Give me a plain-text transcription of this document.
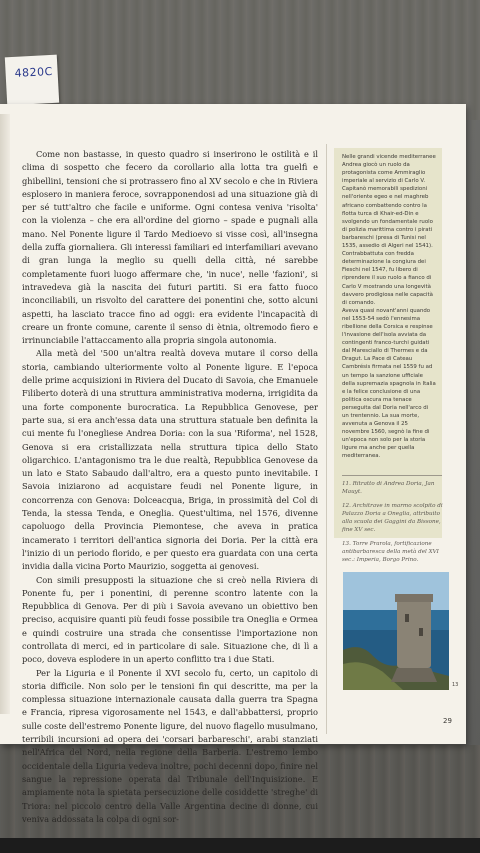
4820C

Come non bastasse, in questo quadro si inserirono le ostilità e il clima di sospetto che fecero da corollario alla lotta tra guelfi e ghibellini, tensioni che si protrassero fino al XV secolo e che in Riviera esplosero in maniera feroce, sovrapponendosi ad una situazione già di per sé tutt'altro che facile e uniforme. Ogni contesa veniva 'risolta' con la violenza – che era all'ordine del giorno – spade e pugnali alla mano. Nel Ponente ligure il Tardo Medioevo si visse così, all'insegna della zuffa giornaliera. Gli interessi familiari ed interfamiliari avevano di gran lunga la meglio su quelli della città, né sarebbe completamente fuori luogo affermare che, 'in nuce', nelle 'fazioni', si intravedeva già la nascita dei futuri partiti. Si era fatto fuoco inconciliabili, un risvolto del carattere dei ponentini che, sotto alcuni aspetti, ha lasciato tracce fino ad oggi: era evidente l'incapacità di creare un fronte comune, carente il senso di ètnia, oltremodo fiero e irrinunciabile l'attaccamento alla propria singola autonomia.

Alla metà del '500 un'altra realtà doveva mutare il corso della storia, cambiando ulteriormente volto al Ponente ligure. E l'epoca delle prime acquisizioni in Riviera del Ducato di Savoia, che Emanuele Filiberto doterà di una struttura amministrativa moderna, irrigidita da una forte componente burocratica. La Repubblica Genovese, per parte sua, si era anch'essa data una struttura statuale ben definita la cui mente fu l'onegliese Andrea Doria: con la sua 'Riforma', nel 1528, Genova si era cristallizzata nella struttura tipica dello Stato oligarchico. L'antagonismo tra le due realtà, Repubblica Genovese da un lato e Stato Sabaudo dall'altro, era a questo punto inevitabile. I Savoia iniziarono ad acquistare feudi nel Ponente ligure, in concorrenza con Genova: Dolceacqua, Briga, in prossimità del Col di Tenda, la stessa Tenda, e Oneglia. Quest'ultima, nel 1576, divenne capoluogo della Provincia Piemontese, che aveva in pratica incamerato i territori dell'antica signoria dei Doria. Per la città era l'inizio di un periodo florido, e per questo era guardata con una certa invidia dalla vicina Porto Maurizio, soggetta ai genovesi.

Con simili presupposti la situazione che si creò nella Riviera di Ponente fu, per i ponentini, di perenne scontro latente con la Repubblica di Genova. Per di più i Savoia avevano un obiettivo ben preciso, acquisire quanti più feudi fosse possibile tra Oneglia e Ormea e quindi costruire una strada che consentisse l'importazione non controllata di merci, ed in particolare di sale. Situazione che, di lì a poco, doveva esplodere in un aperto conflitto tra i due Stati.

Per la Liguria e il Ponente il XVI secolo fu, certo, un capitolo di storia difficile. Non solo per le tensioni fin qui descritte, ma per la complessa situazione internazionale causata dalla guerra tra Spagna e Francia, ripresa vigorosamente nel 1543, e dall'abbattersi, proprio sulle coste dell'estremo Ponente ligure, del nuovo flagello musulmano, terribili incursioni ad opera dei 'corsari barbareschi', arabi stanziati nell'Africa del Nord, nella regione della Barberia. L'estremo lembo occidentale della Liguria vedeva inoltre, pochi decenni dopo, finire nel sangue la repressione operata dal Tribunale dell'Inquisizione. E ampiamente nota la spietata persecuzione delle cosiddette 'streghe' di Triora: nel piccolo centro della Valle Argentina decine di donne, cui veniva addossata la colpa di ogni sor-

Nelle grandi vicende mediterranee Andrea giocò un ruolo da protagonista come Ammiraglio imperiale al servizio di Carlo V. Capitanò memorabili spedizioni nell'oriente egeo e nel maghreb africano combattendo contro la flotta turca di Khair-ed-Din e svolgendo un fondamentale ruolo di polizia marittima contro i pirati barbareschi (presa di Tunisi nel 1535, assedio di Algeri nel 1541).

Contrabbattuta con fredda determinazione la congiura dei Fieschi nel 1547, fu libero di riprendere il suo ruolo a fianco di Carlo V mostrando una longevità davvero prodigiosa nelle capacità di comando.

Aveva quasi novant'anni quando nel 1553-54 sedò l'ennesima ribellione della Corsica e respinse l'invasione dell'isola avviata da contingenti franco-turchi guidati dal Maresciallo di Thermes e da Dragut. La Pace di Cateau Cambrésis firmata nel 1559 fu ad un tempo la sanzione ufficiale della supremazia spagnola in Italia e la felice conclusione di una politica oscura ma tenace perseguita dal Doria nell'arco di un trentennio. La sua morte, avvenuta a Genova il 25 novembre 1560, segnò la fine di un'epoca non solo per la storia ligure ma anche per quella mediterranea.

11. Ritratto di Andrea Doria, Jan Mauyt.

12. Architrave in marmo scolpito di Palazzo Doria a Oneglia, attribuito alla scuola dei Gaggini da Bissone, fine XV sec.

13. Torre Prarola, fortificazione antibarbaresca della metà del XVI sec.: Imperia, Borgo Prino.

13
29
